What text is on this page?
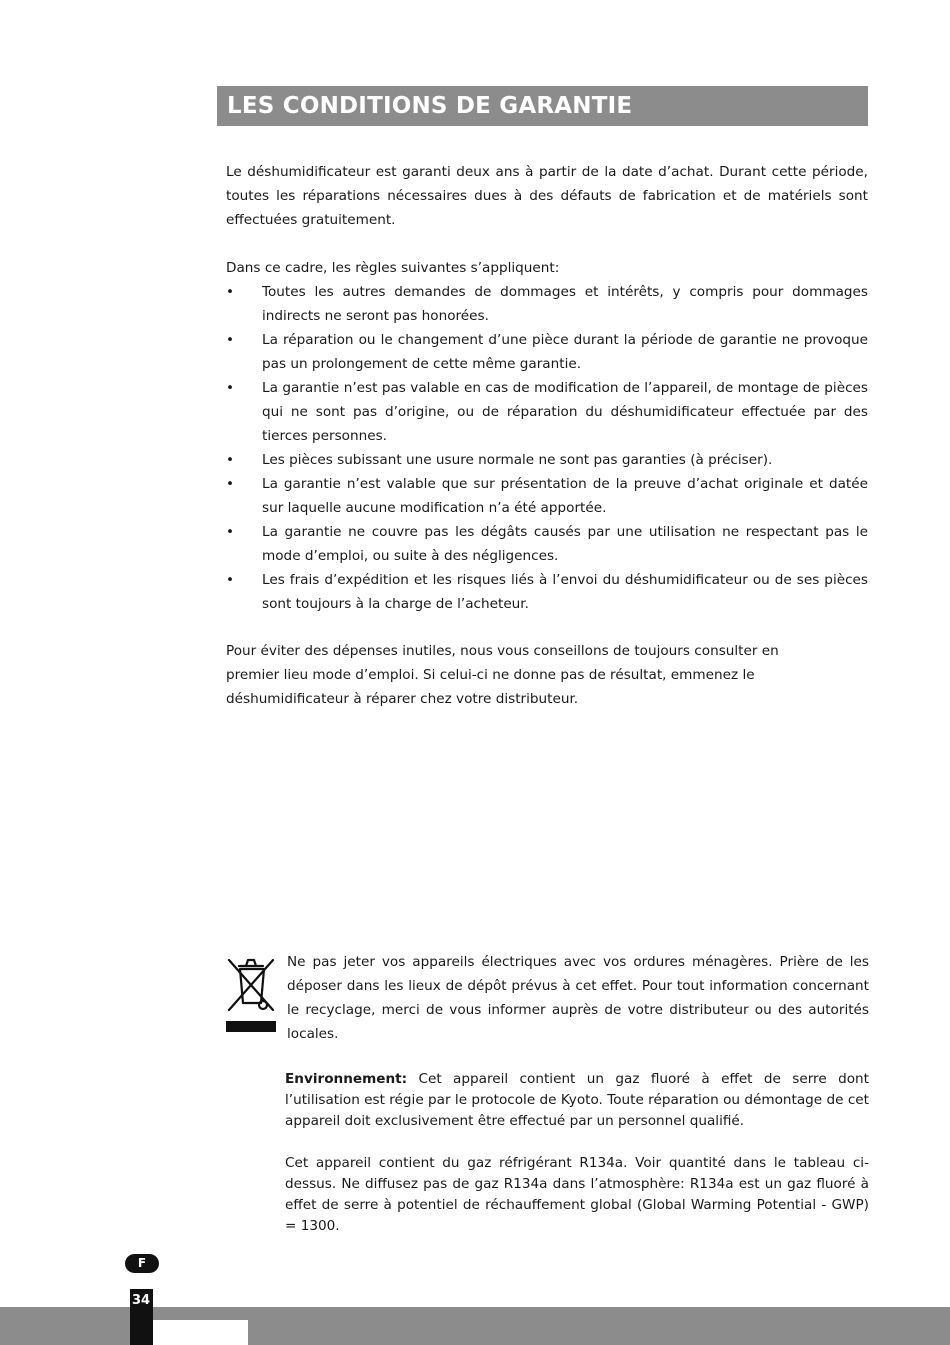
LES CONDITIONS DE GARANTIE

Le déshumidificateur est garanti deux ans à partir de la date d’achat. Durant cette période, toutes les réparations nécessaires dues à des défauts de fabrication et de matériels sont effectuées gratuitement.

Dans ce cadre, les règles suivantes s’appliquent:

• Toutes les autres demandes de dommages et intérêts, y compris pour dommages indirects ne seront pas honorées.
• La réparation ou le changement d’une pièce durant la période de garantie ne provoque pas un prolongement de cette même garantie.
• La garantie n’est pas valable en cas de modification de l’appareil, de montage de pièces qui ne sont pas d’origine, ou de réparation du déshumidificateur effectuée par des tierces personnes.
• Les pièces subissant une usure normale ne sont pas garanties (à préciser).
• La garantie n’est valable que sur présentation de la preuve d’achat originale et datée sur laquelle aucune modification n’a été apportée.
• La garantie ne couvre pas les dégâts causés par une utilisation ne respectant pas le mode d’emploi, ou suite à des négligences.
• Les frais d’expédition et les risques liés à l’envoi du déshumidificateur ou de ses pièces sont toujours à la charge de l’acheteur.

Pour éviter des dépenses inutiles, nous vous conseillons de toujours consulter en premier lieu mode d’emploi. Si celui-ci ne donne pas de résultat, emmenez le déshumidificateur à réparer chez votre distributeur.

Ne pas jeter vos appareils électriques avec vos ordures ménagères. Prière de les déposer dans les lieux de dépôt prévus à cet effet. Pour tout information concernant le recyclage, merci de vous informer auprès de votre distributeur ou des autorités locales.

Environnement: Cet appareil contient un gaz fluoré à effet de serre dont l’utilisation est régie par le protocole de Kyoto. Toute réparation ou démontage de cet appareil doit exclusivement être effectué par un personnel qualifié.

Cet appareil contient du gaz réfrigérant R134a. Voir quantité dans le tableau ci-dessus. Ne diffusez pas de gaz R134a dans l’atmosphère: R134a est un gaz fluoré à effet de serre à potentiel de réchauffement global (Global Warming Potential - GWP) = 1300.

F
34
